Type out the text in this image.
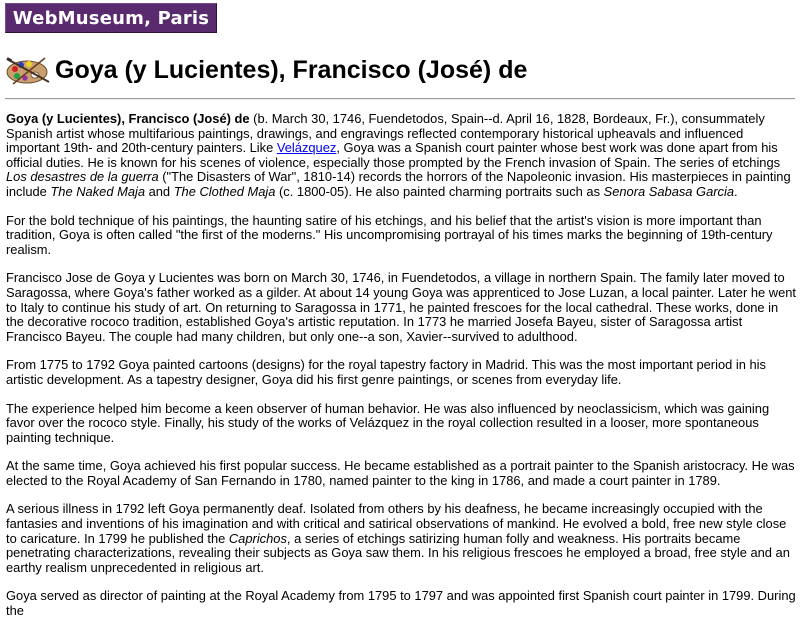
WebMuseum, Paris
Goya (y Lucientes), Francisco (José) de

Goya (y Lucientes), Francisco (José) de (b. March 30, 1746, Fuendetodos, Spain--d. April 16, 1828, Bordeaux, Fr.), consummately Spanish artist whose multifarious paintings, drawings, and engravings reflected contemporary historical upheavals and influenced important 19th- and 20th-century painters. Like Velázquez, Goya was a Spanish court painter whose best work was done apart from his official duties. He is known for his scenes of violence, especially those prompted by the French invasion of Spain. The series of etchings Los desastres de la guerra ("The Disasters of War", 1810-14) records the horrors of the Napoleonic invasion. His masterpieces in painting include The Naked Maja and The Clothed Maja (c. 1800-05). He also painted charming portraits such as Senora Sabasa Garcia.

For the bold technique of his paintings, the haunting satire of his etchings, and his belief that the artist's vision is more important than tradition, Goya is often called "the first of the moderns." His uncompromising portrayal of his times marks the beginning of 19th-century realism.

Francisco Jose de Goya y Lucientes was born on March 30, 1746, in Fuendetodos, a village in northern Spain. The family later moved to Saragossa, where Goya's father worked as a gilder. At about 14 young Goya was apprenticed to Jose Luzan, a local painter. Later he went to Italy to continue his study of art. On returning to Saragossa in 1771, he painted frescoes for the local cathedral. These works, done in the decorative rococo tradition, established Goya's artistic reputation. In 1773 he married Josefa Bayeu, sister of Saragossa artist Francisco Bayeu. The couple had many children, but only one--a son, Xavier--survived to adulthood.

From 1775 to 1792 Goya painted cartoons (designs) for the royal tapestry factory in Madrid. This was the most important period in his artistic development. As a tapestry designer, Goya did his first genre paintings, or scenes from everyday life.

The experience helped him become a keen observer of human behavior. He was also influenced by neoclassicism, which was gaining favor over the rococo style. Finally, his study of the works of Velázquez in the royal collection resulted in a looser, more spontaneous painting technique.

At the same time, Goya achieved his first popular success. He became established as a portrait painter to the Spanish aristocracy. He was elected to the Royal Academy of San Fernando in 1780, named painter to the king in 1786, and made a court painter in 1789.

A serious illness in 1792 left Goya permanently deaf. Isolated from others by his deafness, he became increasingly occupied with the fantasies and inventions of his imagination and with critical and satirical observations of mankind. He evolved a bold, free new style close to caricature. In 1799 he published the Caprichos, a series of etchings satirizing human folly and weakness. His portraits became penetrating characterizations, revealing their subjects as Goya saw them. In his religious frescoes he employed a broad, free style and an earthy realism unprecedented in religious art.

Goya served as director of painting at the Royal Academy from 1795 to 1797 and was appointed first Spanish court painter in 1799. During the
